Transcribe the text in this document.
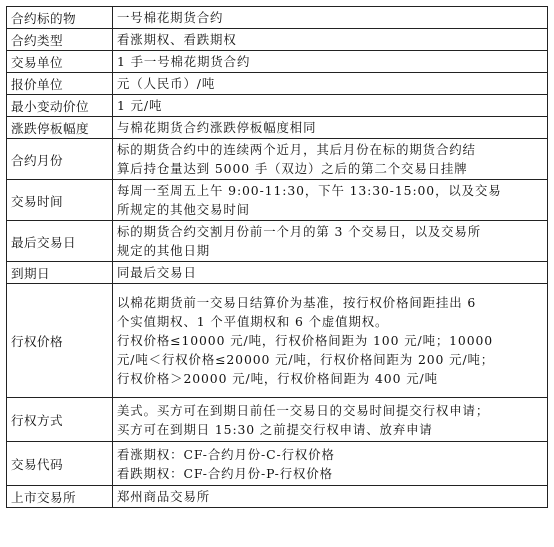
合约标的物	一号棉花期货合约

合约类型	看涨期权、看跌期权

交易单位	1 手一号棉花期货合约

报价单位	元（人民币）/吨

最小变动价位	1 元/吨

涨跌停板幅度	与棉花期货合约涨跌停板幅度相同

合约月份	标的期货合约中的连续两个近月，其后月份在标的期货合约结
算后持仓量达到 5000 手（双边）之后的第二个交易日挂牌

交易时间	每周一至周五上午 9:00-11:30，下午 13:30-15:00，以及交易
所规定的其他交易时间

最后交易日	标的期货合约交割月份前一个月的第 3 个交易日，以及交易所
规定的其他日期

到期日	同最后交易日

行权价格	以棉花期货前一交易日结算价为基准，按行权价格间距挂出 6
个实值期权、1 个平值期权和 6 个虚值期权。
行权价格≤10000 元/吨，行权价格间距为 100 元/吨；10000
元/吨＜行权价格≤20000 元/吨，行权价格间距为 200 元/吨；
行权价格＞20000 元/吨，行权价格间距为 400 元/吨

行权方式	美式。买方可在到期日前任一交易日的交易时间提交行权申请；
买方可在到期日 15:30 之前提交行权申请、放弃申请

交易代码	看涨期权：CF-合约月份-C-行权价格
看跌期权：CF-合约月份-P-行权价格

上市交易所	郑州商品交易所
